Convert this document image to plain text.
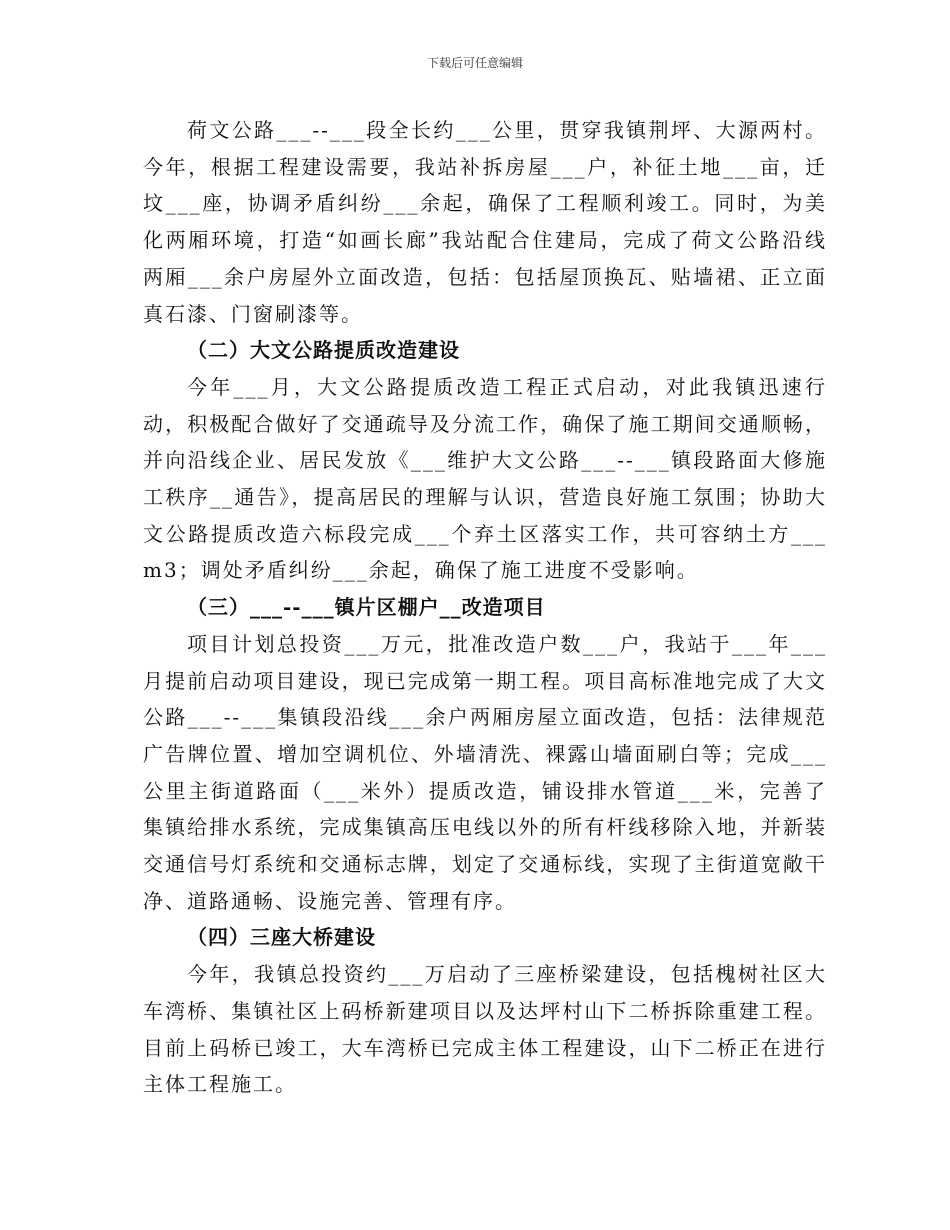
下载后可任意编辑

荷文公路___--___段全长约___公里，贯穿我镇荆坪、大源两村。今年，根据工程建设需要，我站补拆房屋___户，补征土地___亩，迁坟___座，协调矛盾纠纷___余起，确保了工程顺利竣工。同时，为美化两厢环境，打造“如画长廊”我站配合住建局，完成了荷文公路沿线两厢___余户房屋外立面改造，包括：包括屋顶换瓦、贴墙裙、正立面真石漆、门窗刷漆等。

（二）大文公路提质改造建设

今年___月，大文公路提质改造工程正式启动，对此我镇迅速行动，积极配合做好了交通疏导及分流工作，确保了施工期间交通顺畅，并向沿线企业、居民发放《___维护大文公路___--___镇段路面大修施工秩序__通告》，提高居民的理解与认识，营造良好施工氛围；协助大文公路提质改造六标段完成___个弃土区落实工作，共可容纳土方___m3；调处矛盾纠纷___余起，确保了施工进度不受影响。

（三）___--___镇片区棚户__改造项目

项目计划总投资___万元，批准改造户数___户，我站于___年___月提前启动项目建设，现已完成第一期工程。项目高标准地完成了大文公路___--___集镇段沿线___余户两厢房屋立面改造，包括：法律规范广告牌位置、增加空调机位、外墙清洗、裸露山墙面刷白等；完成___公里主街道路面（___米外）提质改造，铺设排水管道___米，完善了集镇给排水系统，完成集镇高压电线以外的所有杆线移除入地，并新装交通信号灯系统和交通标志牌，划定了交通标线，实现了主街道宽敞干净、道路通畅、设施完善、管理有序。

（四）三座大桥建设

今年，我镇总投资约___万启动了三座桥梁建设，包括槐树社区大车湾桥、集镇社区上码桥新建项目以及达坪村山下二桥拆除重建工程。目前上码桥已竣工，大车湾桥已完成主体工程建设，山下二桥正在进行主体工程施工。
